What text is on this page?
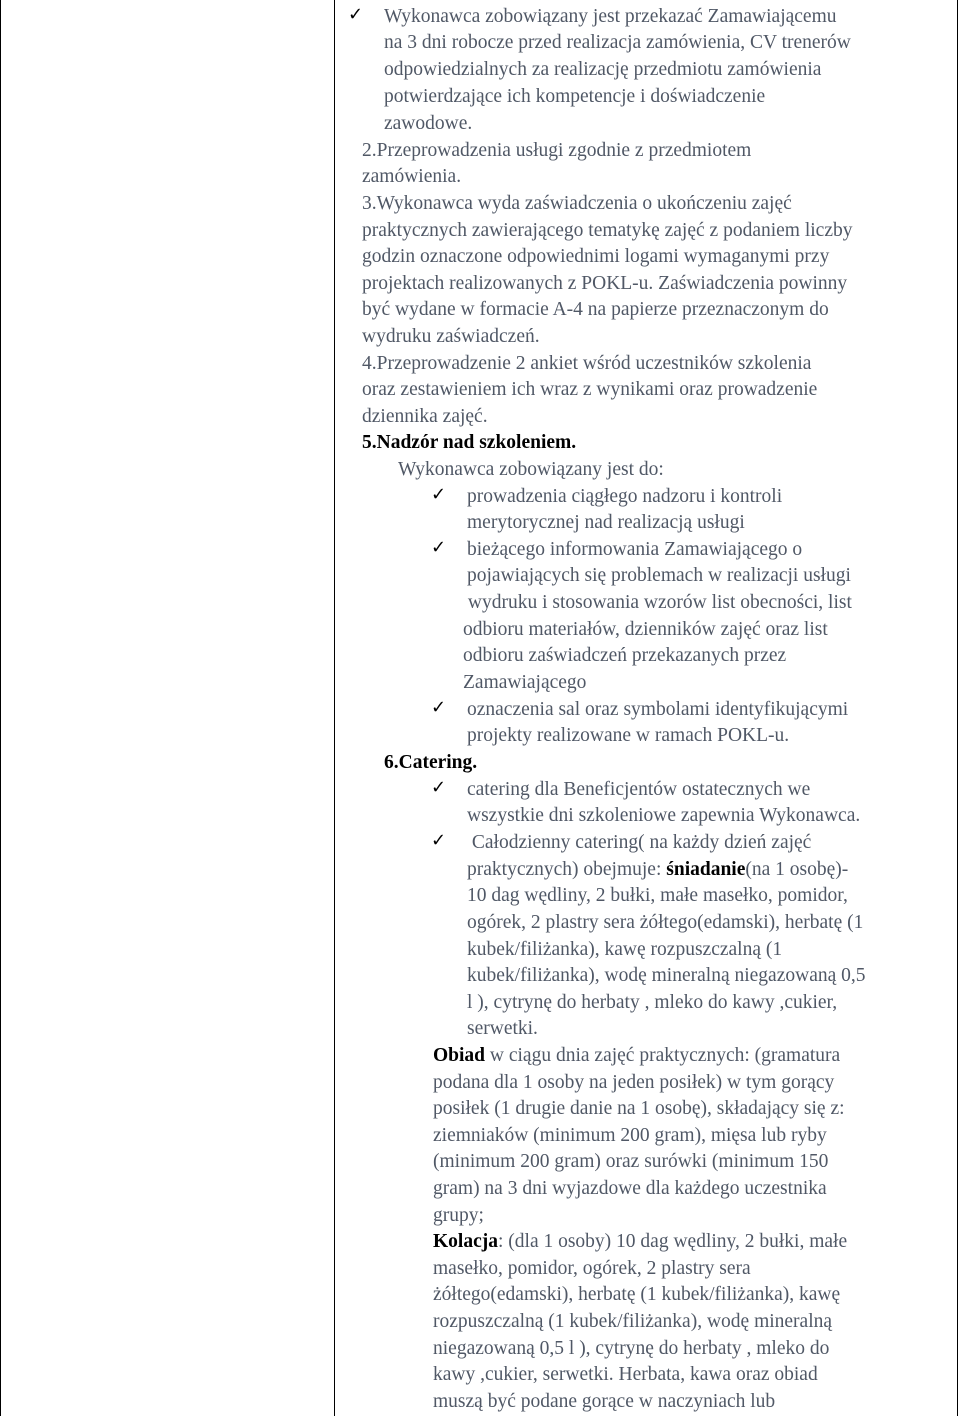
✓ Wykonawca zobowiązany jest przekazać Zamawiającemu
na 3 dni robocze przed realizacja zamówienia, CV trenerów
odpowiedzialnych za realizację przedmiotu zamówienia
potwierdzające ich kompetencje i doświadczenie
zawodowe.
2.Przeprowadzenia usługi zgodnie z przedmiotem
zamówienia.
3.Wykonawca wyda zaświadczenia o ukończeniu zajęć
praktycznych zawierającego tematykę zajęć z podaniem liczby
godzin oznaczone odpowiednimi logami wymaganymi przy
projektach realizowanych z POKL-u. Zaświadczenia powinny
być wydane w formacie A-4 na papierze przeznaczonym do
wydruku zaświadczeń.
4.Przeprowadzenie 2 ankiet wśród uczestników szkolenia
oraz zestawieniem ich wraz z wynikami oraz prowadzenie
dziennika zajęć.
5.Nadzór nad szkoleniem.
Wykonawca zobowiązany jest do:
✓ prowadzenia ciągłego nadzoru i kontroli
merytorycznej nad realizacją usługi
✓ bieżącego informowania Zamawiającego o
pojawiających się problemach w realizacji usługi
wydruku i stosowania wzorów list obecności, list
odbioru materiałów, dzienników zajęć oraz list
odbioru zaświadczeń przekazanych przez
Zamawiającego
✓ oznaczenia sal oraz symbolami identyfikującymi
projekty realizowane w ramach POKL-u.
6.Catering.
✓ catering dla Beneficjentów ostatecznych we
wszystkie dni szkoleniowe zapewnia Wykonawca.
✓ Całodzienny catering( na każdy dzień zajęć
praktycznych) obejmuje: śniadanie(na 1 osobę)-
10 dag wędliny, 2 bułki, małe masełko, pomidor,
ogórek, 2 plastry sera żółtego(edamski), herbatę (1
kubek/filiżanka), kawę rozpuszczalną (1
kubek/filiżanka), wodę mineralną niegazowaną 0,5
l ), cytrynę do herbaty , mleko do kawy ,cukier,
serwetki.
Obiad w ciągu dnia zajęć praktycznych: (gramatura
podana dla 1 osoby na jeden posiłek) w tym gorący
posiłek (1 drugie danie na 1 osobę), składający się z:
ziemniaków (minimum 200 gram), mięsa lub ryby
(minimum 200 gram) oraz surówki (minimum 150
gram) na 3 dni wyjazdowe dla każdego uczestnika
grupy;
Kolacja: (dla 1 osoby) 10 dag wędliny, 2 bułki, małe
masełko, pomidor, ogórek, 2 plastry sera
żółtego(edamski), herbatę (1 kubek/filiżanka), kawę
rozpuszczalną (1 kubek/filiżanka), wodę mineralną
niegazowaną 0,5 l ), cytrynę do herbaty , mleko do
kawy ,cukier, serwetki. Herbata, kawa oraz obiad
muszą być podane gorące w naczyniach lub
